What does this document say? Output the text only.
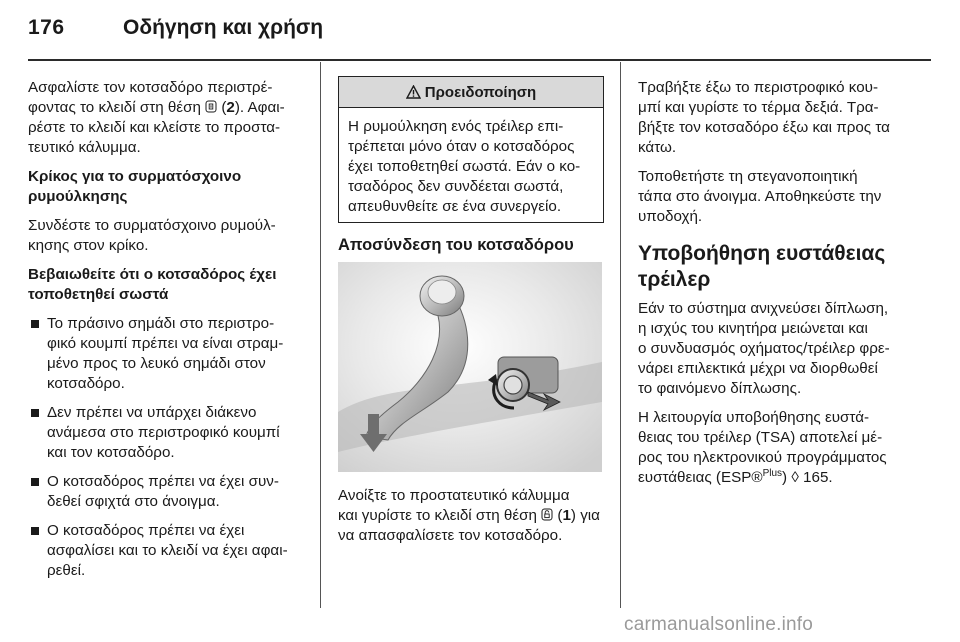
176	Οδήγηση και χρήση

Ασφαλίστε τον κοτσαδόρο περιστρέ-
φοντας το κλειδί στη θέση  (2). Αφαι-
ρέστε το κλειδί και κλείστε το προστα-
τευτικό κάλυμμα.

Κρίκος για το συρματόσχοινο
ρυμούλκησης

Συνδέστε το συρματόσχοινο ρυμούλ-
κησης στον κρίκο.

Βεβαιωθείτε ότι ο κοτσαδόρος έχει
τοποθετηθεί σωστά

Το πράσινο σημάδι στο περιστρο-
φικό κουμπί πρέπει να είναι στραμ-
μένο προς το λευκό σημάδι στον
κοτσαδόρο.
Δεν πρέπει να υπάρχει διάκενο
ανάμεσα στο περιστροφικό κουμπί
και τον κοτσαδόρο.
Ο κοτσαδόρος πρέπει να έχει συν-
δεθεί σφιχτά στο άνοιγμα.
Ο κοτσαδόρος πρέπει να έχει
ασφαλίσει και το κλειδί να έχει αφαι-
ρεθεί.
Προειδοποίηση
Η ρυμούλκηση ενός τρέιλερ επι-
τρέπεται μόνο όταν ο κοτσαδόρος
έχει τοποθετηθεί σωστά. Εάν ο κο-
τσαδόρος δεν συνδέεται σωστά,
απευθυνθείτε σε ένα συνεργείο.
Αποσύνδεση του κοτσαδόρου
Ανοίξτε το προστατευτικό κάλυμμα
και γυρίστε το κλειδί στη θέση  (1) για
να απασφαλίσετε τον κοτσαδόρο.

Τραβήξτε έξω το περιστροφικό κου-
μπί και γυρίστε το τέρμα δεξιά. Τρα-
βήξτε τον κοτσαδόρο έξω και προς τα
κάτω.

Τοποθετήστε τη στεγανοποιητική
τάπα στο άνοιγμα. Αποθηκεύστε την
υποδοχή.

Υποβοήθηση ευστάθειας
τρέιλερ

Εάν το σύστημα ανιχνεύσει δίπλωση,
η ισχύς του κινητήρα μειώνεται και
ο συνδυασμός οχήματος/τρέιλερ φρε-
νάρει επιλεκτικά μέχρι να διορθωθεί
το φαινόμενο δίπλωσης.

Η λειτουργία υποβοήθησης ευστά-
θειας του τρέιλερ (TSA) αποτελεί μέ-
ρος του ηλεκτρονικού προγράμματος
ευστάθειας (ESP®$^{Plus}$) ◊ 165.

carmanualsonline.info
